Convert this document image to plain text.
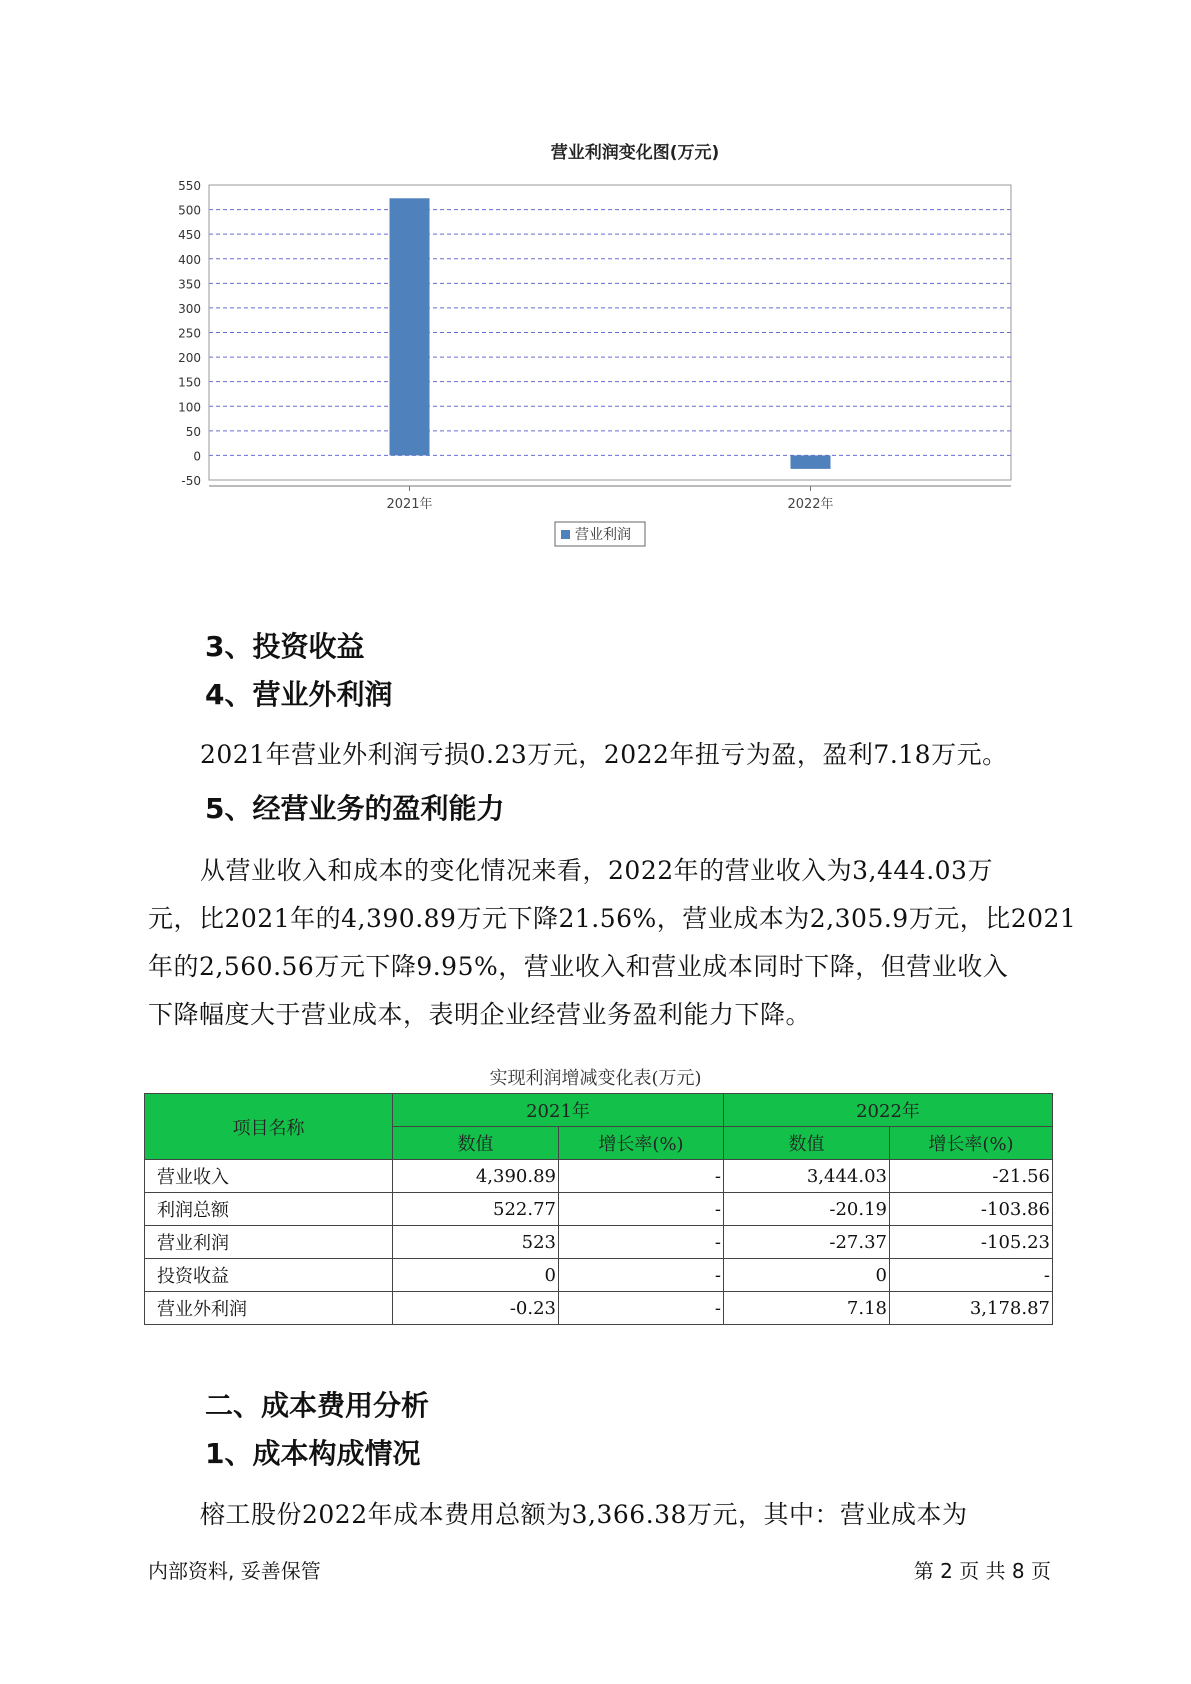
营业利润变化图(万元)
-50
0
50
100
150
200
250
300
350
400
450
500
550
2021年	2022年
营业利润
3、投资收益
4、营业外利润
2021年营业外利润亏损0.23万元，2022年扭亏为盈，盈利7.18万元。
5、经营业务的盈利能力
从营业收入和成本的变化情况来看，2022年的营业收入为3,444.03万
元，比2021年的4,390.89万元下降21.56%，营业成本为2,305.9万元，比2021
年的2,560.56万元下降9.95%，营业收入和营业成本同时下降，但营业收入
下降幅度大于营业成本，表明企业经营业务盈利能力下降。
实现利润增减变化表(万元)
项目名称	2021年		2022年	
	数值	增长率(%)	数值	增长率(%)
营业收入	4,390.89	-	3,444.03	-21.56
利润总额	522.77	-	-20.19	-103.86
营业利润	523	-	-27.37	-105.23
投资收益	0	-	0	-
营业外利润	-0.23	-	7.18	3,178.87
二、成本费用分析
1、成本构成情况
榕工股份2022年成本费用总额为3,366.38万元，其中：营业成本为
内部资料, 妥善保管	第 2 页 共 8 页
